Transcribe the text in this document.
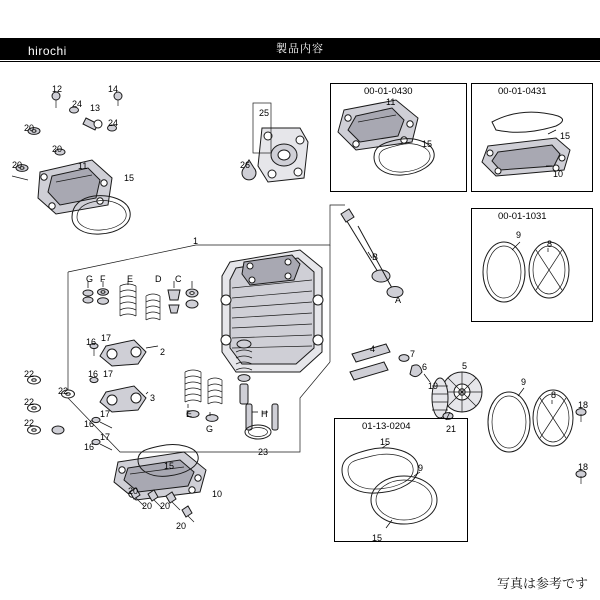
製品内容
hirochi
00-01-0430	00-01-0431
00-01-1031
01-13-0204
12	14
24 13
24
20
20
11
20
15
25
26
11
15
15
10
9
8
1
B
A
G F E D C
16 17
2
16 17
22
22
22
22
3
17
16
17
16
E
G
H
15
23
10
20
20 20
20
4	7
6	5
19
21
9
8
18
18
15
9
15
写真は参考です
